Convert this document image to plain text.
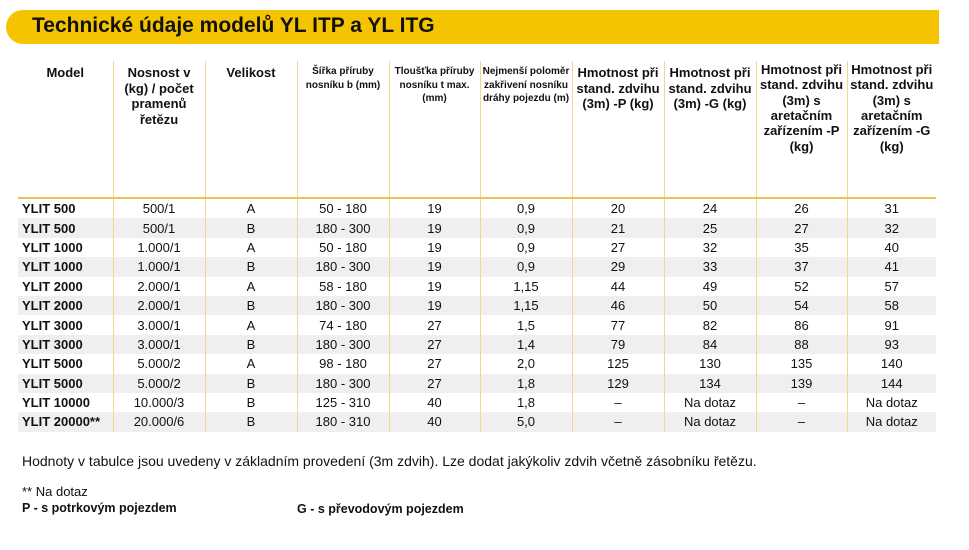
Technické údaje modelů YL ITP a YL ITG
Model	Nosnost v (kg) / počet pramenů řetězu	Velikost	Šířka příruby nosníku b (mm)	Tloušťka příruby nosníku t max. (mm)	Nejmenší poloměr zakřivení nosníku dráhy pojezdu (m)	Hmotnost při stand. zdvihu (3m) -P (kg)	Hmotnost při stand. zdvihu (3m) -G (kg)	Hmotnost při stand. zdvihu (3m) s aretačním zařízením -P (kg)	Hmotnost při stand. zdvihu (3m) s aretačním zařízením -G (kg)
YLIT 500	500/1	A	50 - 180	19	0,9	20	24	26	31
YLIT 500	500/1	B	180 - 300	19	0,9	21	25	27	32
YLIT 1000	1.000/1	A	50 - 180	19	0,9	27	32	35	40
YLIT 1000	1.000/1	B	180 - 300	19	0,9	29	33	37	41
YLIT 2000	2.000/1	A	58 - 180	19	1,15	44	49	52	57
YLIT 2000	2.000/1	B	180 - 300	19	1,15	46	50	54	58
YLIT 3000	3.000/1	A	74 - 180	27	1,5	77	82	86	91
YLIT 3000	3.000/1	B	180 - 300	27	1,4	79	84	88	93
YLIT 5000	5.000/2	A	98 - 180	27	2,0	125	130	135	140
YLIT 5000	5.000/2	B	180 - 300	27	1,8	129	134	139	144
YLIT 10000	10.000/3	B	125 - 310	40	1,8	–	Na dotaz	–	Na dotaz
YLIT 20000**	20.000/6	B	180 - 310	40	5,0	–	Na dotaz	–	Na dotaz
Hodnoty v tabulce jsou uvedeny v základním provedení (3m zdvih). Lze dodat jakýkoliv zdvih včetně zásobníku řetězu.
** Na dotaz
P - s potrkovým pojezdem	G - s převodovým pojezdem
